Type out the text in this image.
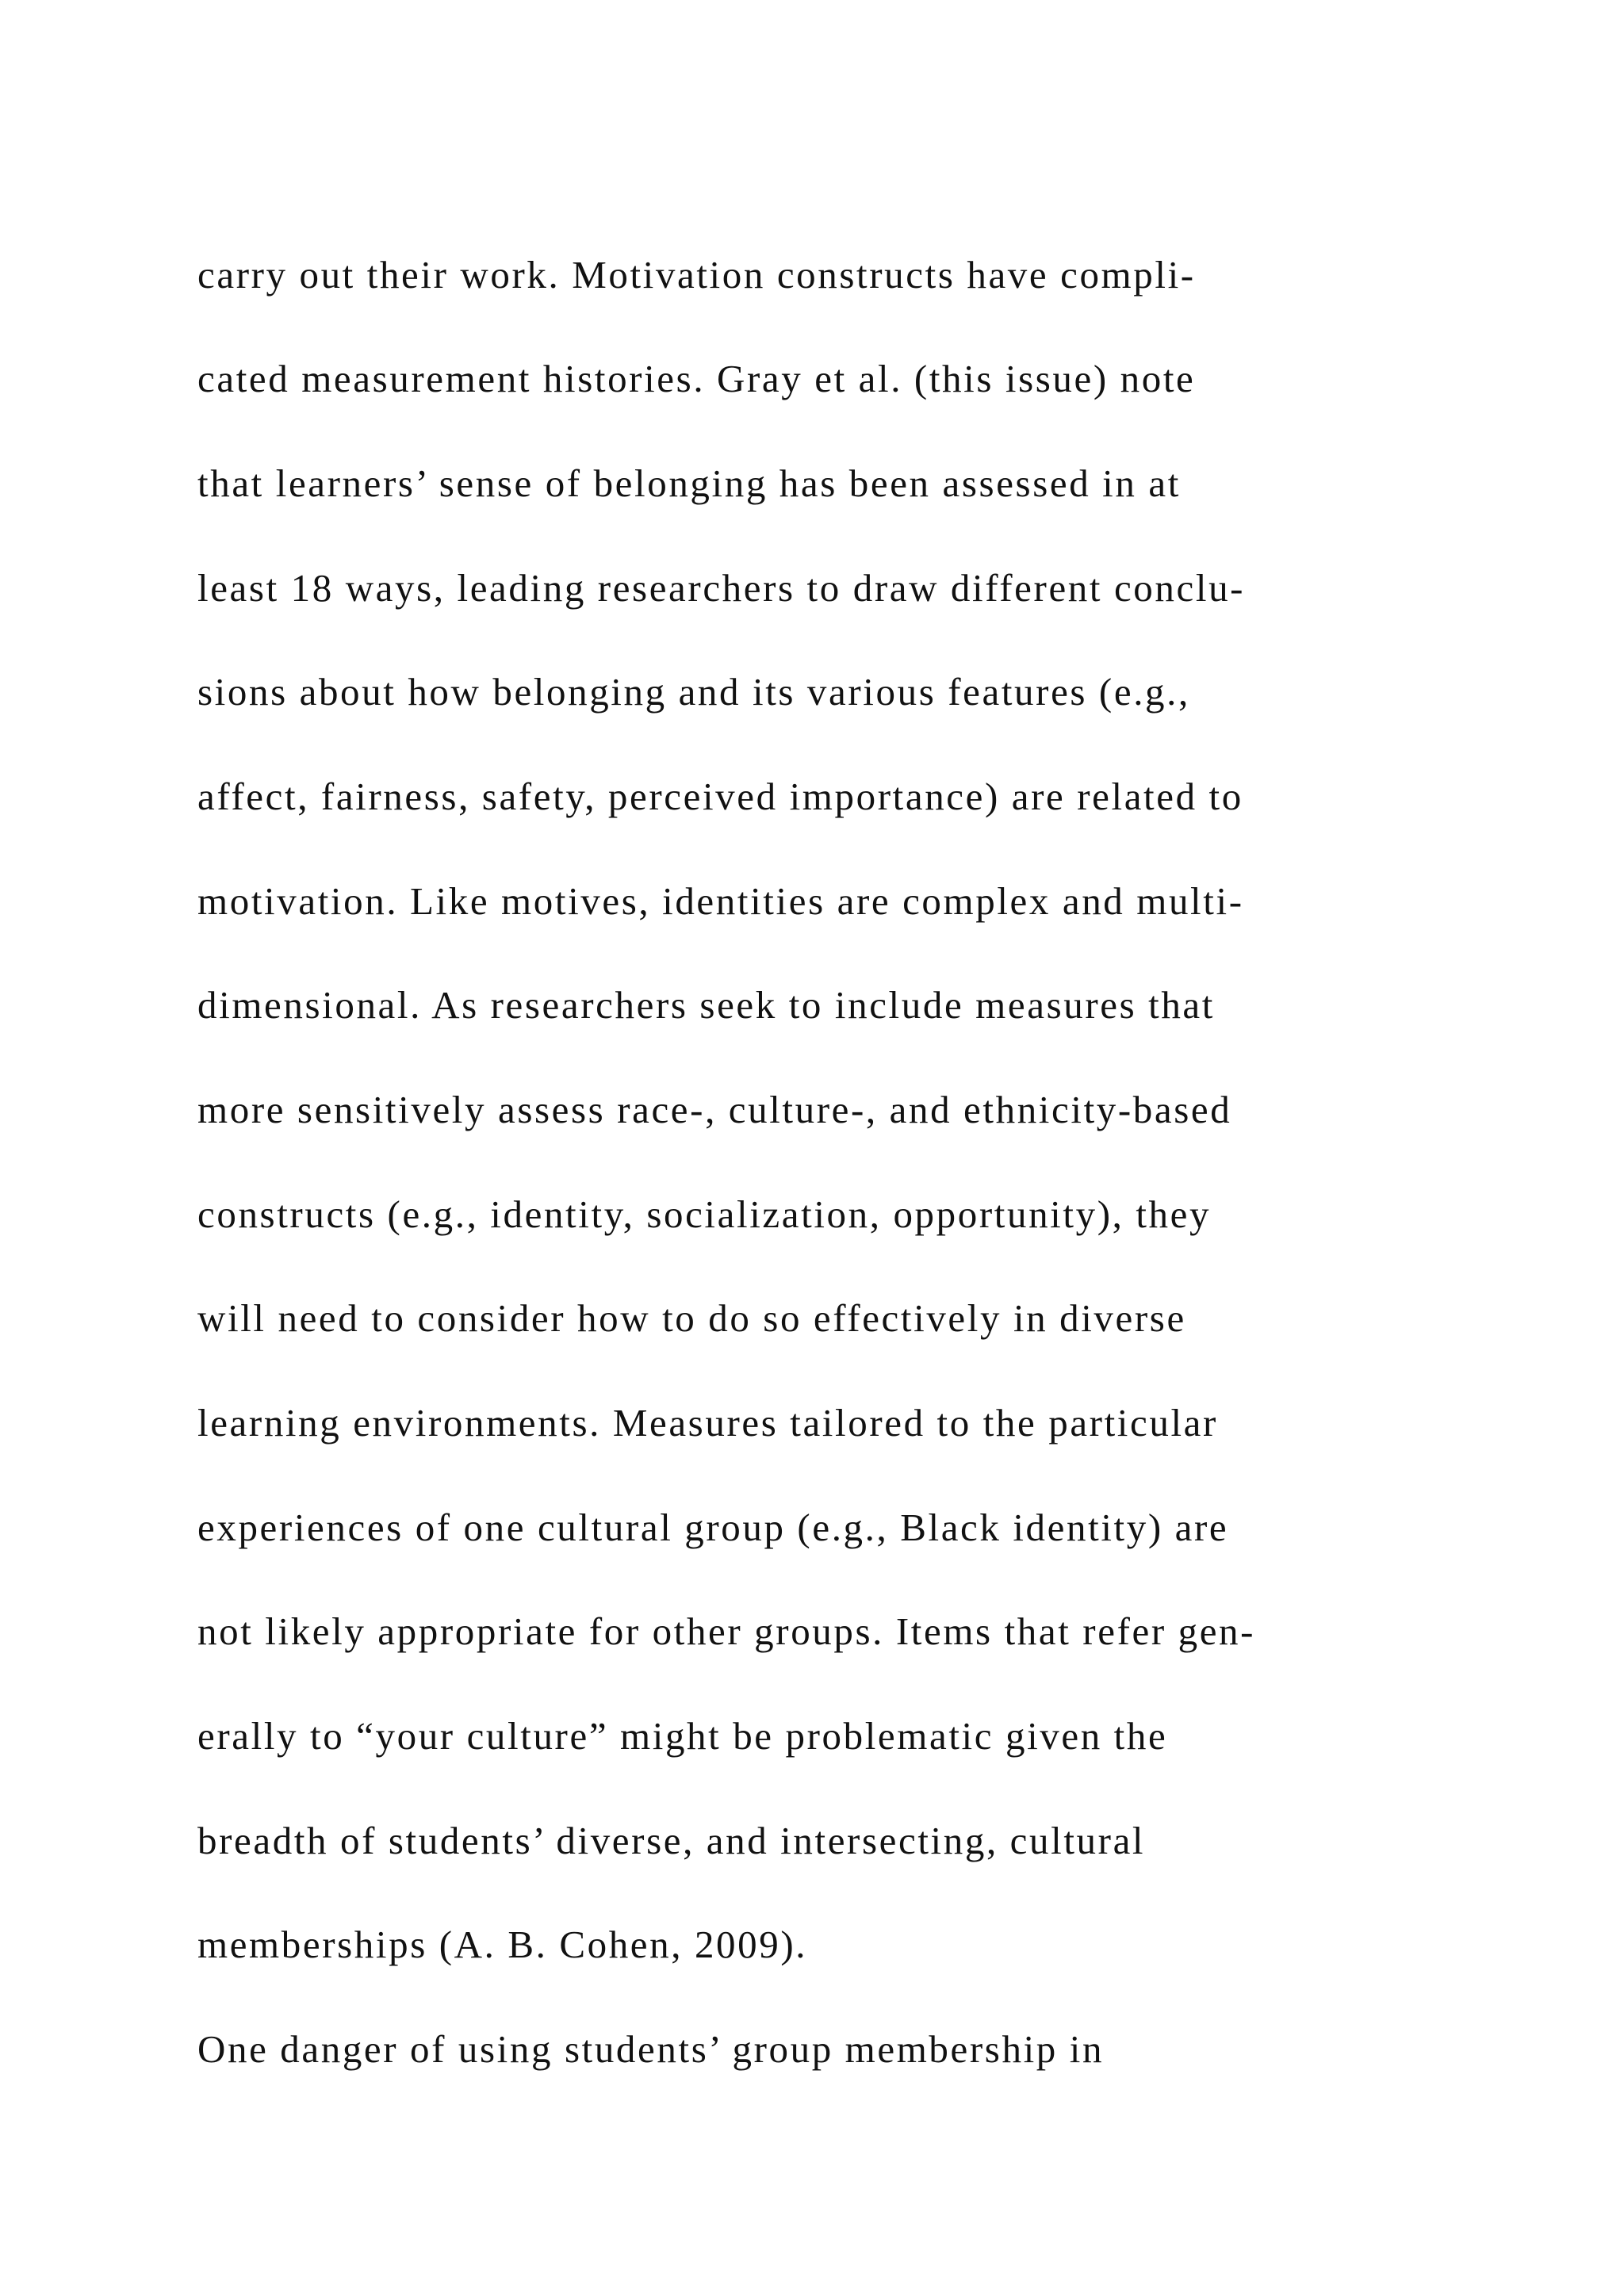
carry out their work. Motivation constructs have compli-
cated measurement histories. Gray et al. (this issue) note
that learners’ sense of belonging has been assessed in at
least 18 ways, leading researchers to draw different conclu-
sions about how belonging and its various features (e.g.,
affect, fairness, safety, perceived importance) are related to
motivation. Like motives, identities are complex and multi-
dimensional. As researchers seek to include measures that
more sensitively assess race-, culture-, and ethnicity-based
constructs (e.g., identity, socialization, opportunity), they
will need to consider how to do so effectively in diverse
learning environments. Measures tailored to the particular
experiences of one cultural group (e.g., Black identity) are
not likely appropriate for other groups. Items that refer gen-
erally to “your culture” might be problematic given the
breadth of students’ diverse, and intersecting, cultural
memberships (A. B. Cohen, 2009).
One danger of using students’ group membership in
